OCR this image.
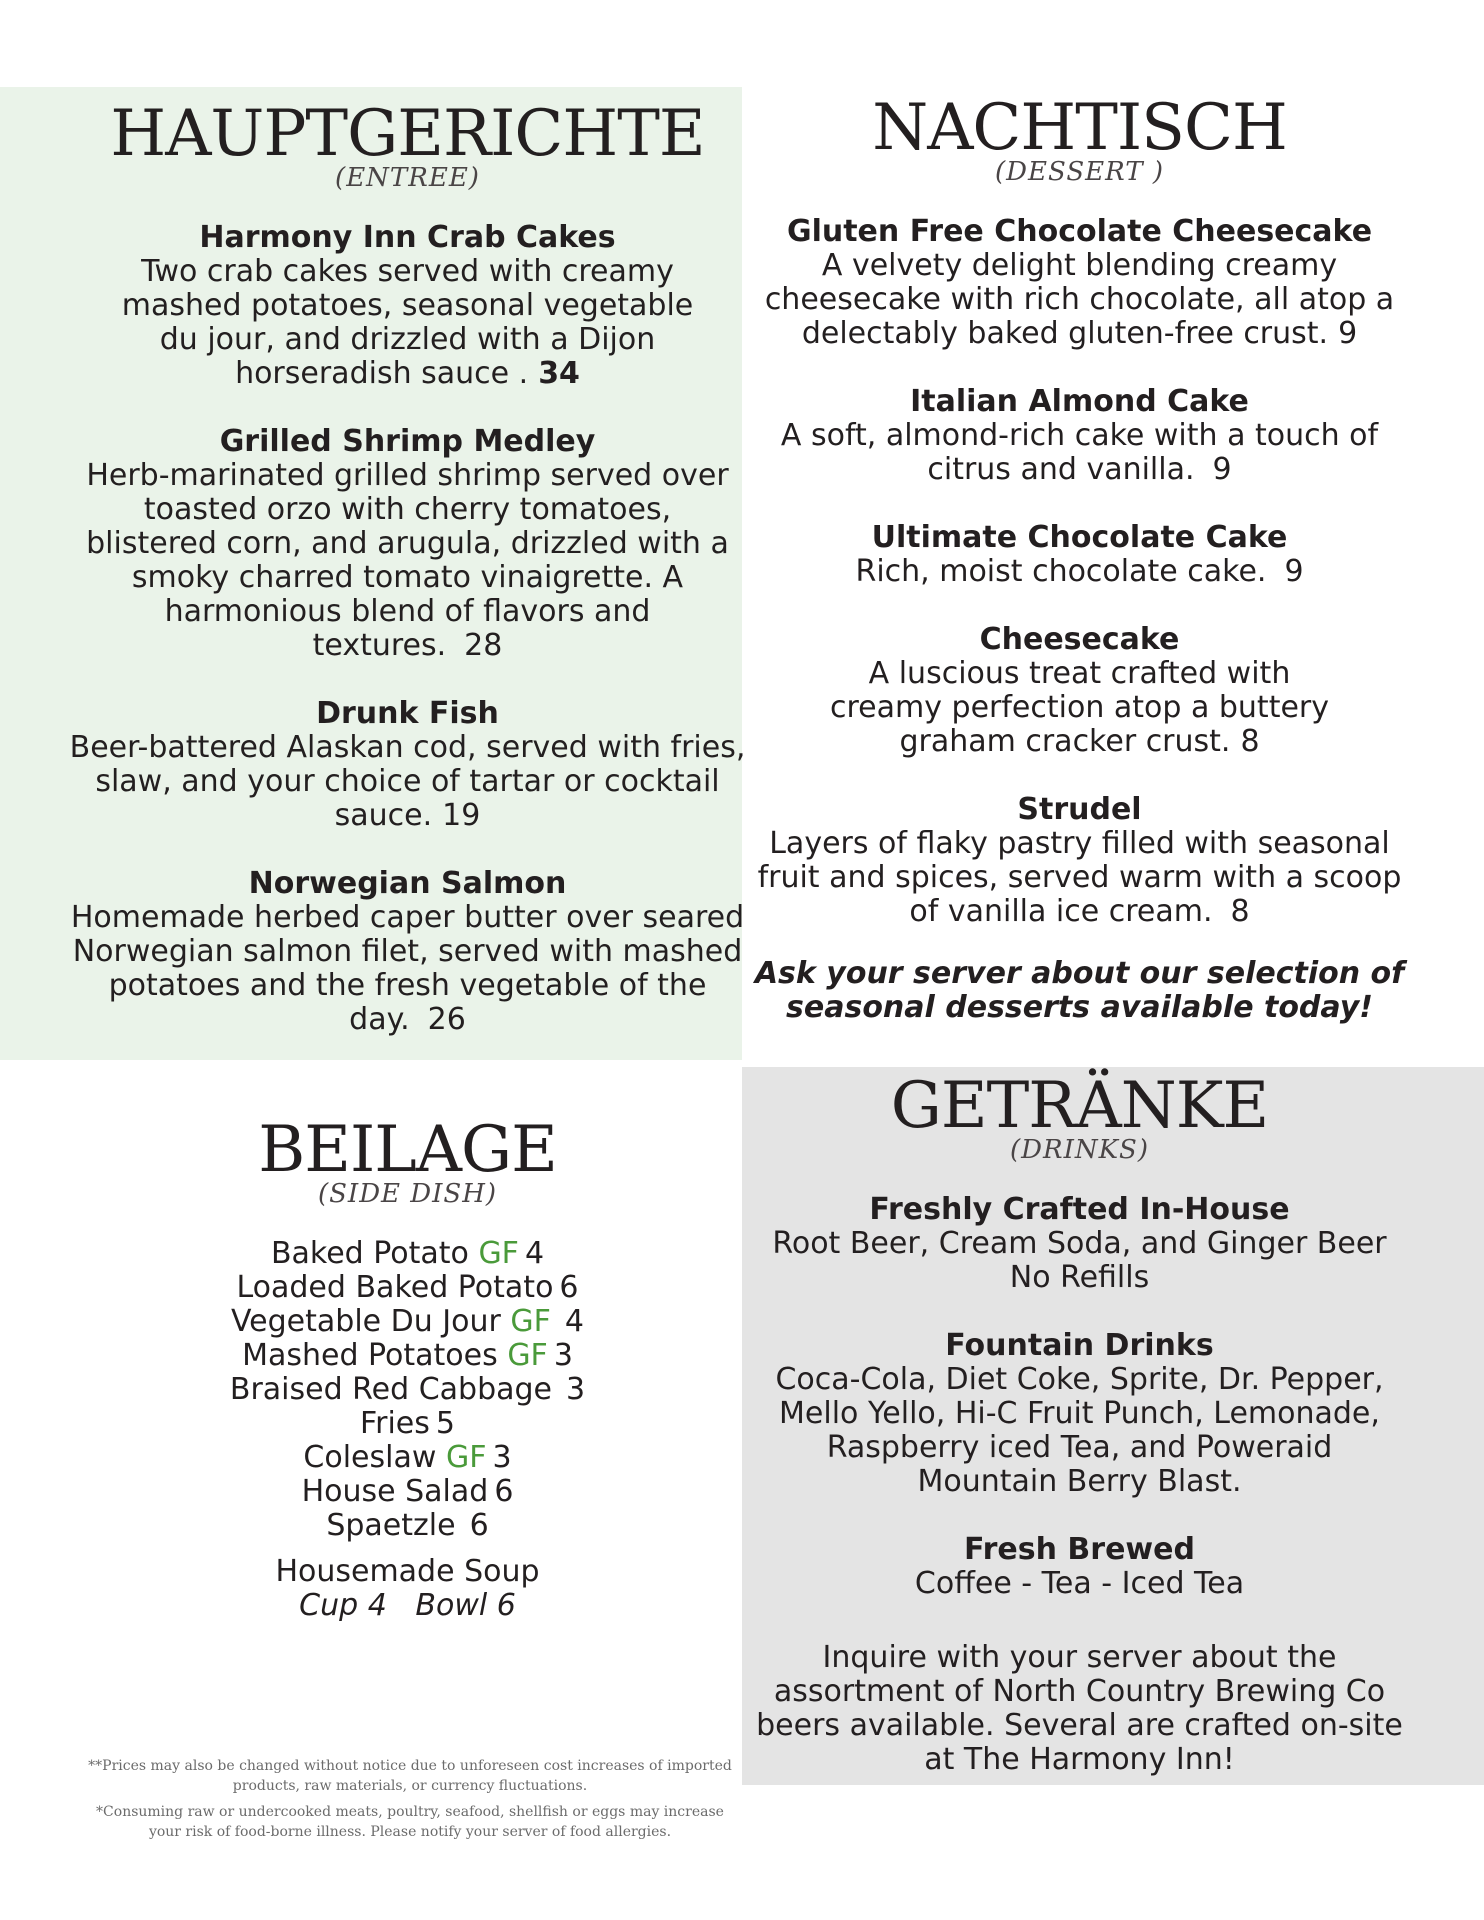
HAUPTGERICHTE
(ENTREE)
Harmony Inn Crab Cakes
Two crab cakes served with creamy mashed potatoes, seasonal vegetable du jour, and drizzled with a Dijon horseradish sauce . 34
Grilled Shrimp Medley
Herb-marinated grilled shrimp served over toasted orzo with cherry tomatoes, blistered corn, and arugula, drizzled with a smoky charred tomato vinaigrette. A harmonious blend of flavors and textures. 28
Drunk Fish
Beer-battered Alaskan cod, served with fries, slaw, and your choice of tartar or cocktail sauce. 19
Norwegian Salmon
Homemade herbed caper butter over seared Norwegian salmon filet, served with mashed potatoes and the fresh vegetable of the day. 26
NACHTISCH
(DESSERT )
Gluten Free Chocolate Cheesecake
A velvety delight blending creamy cheesecake with rich chocolate, all atop a delectably baked gluten-free crust. 9
Italian Almond Cake
A soft, almond-rich cake with a touch of citrus and vanilla. 9
Ultimate Chocolate Cake
Rich, moist chocolate cake. 9
Cheesecake
A luscious treat crafted with creamy perfection atop a buttery graham cracker crust. 8
Strudel
Layers of flaky pastry filled with seasonal fruit and spices, served warm with a scoop of vanilla ice cream. 8
Ask your server about our selection of
seasonal desserts available today!
BEILAGE
(SIDE DISH)
Baked Potato GF 4
Loaded Baked Potato 6
Vegetable Du Jour GF 4
Mashed Potatoes GF 3
Braised Red Cabbage 3
Fries 5
Coleslaw GF 3
House Salad 6
Spaetzle 6
Housemade Soup
Cup 4   Bowl 6
GETRÄNKE
(DRINKS)
Freshly Crafted In-House
Root Beer, Cream Soda, and Ginger Beer
No Refills
Fountain Drinks
Coca-Cola, Diet Coke, Sprite, Dr. Pepper, Mello Yello, Hi-C Fruit Punch, Lemonade, Raspberry iced Tea, and Poweraid Mountain Berry Blast.
Fresh Brewed
Coffee - Tea - Iced Tea
Inquire with your server about the assortment of North Country Brewing Co beers available. Several are crafted on-site at The Harmony Inn!

**Prices may also be changed without notice due to unforeseen cost increases of imported products, raw materials, or currency fluctuations.

*Consuming raw or undercooked meats, poultry, seafood, shellfish or eggs may increase your risk of food-borne illness. Please notify your server of food allergies.
